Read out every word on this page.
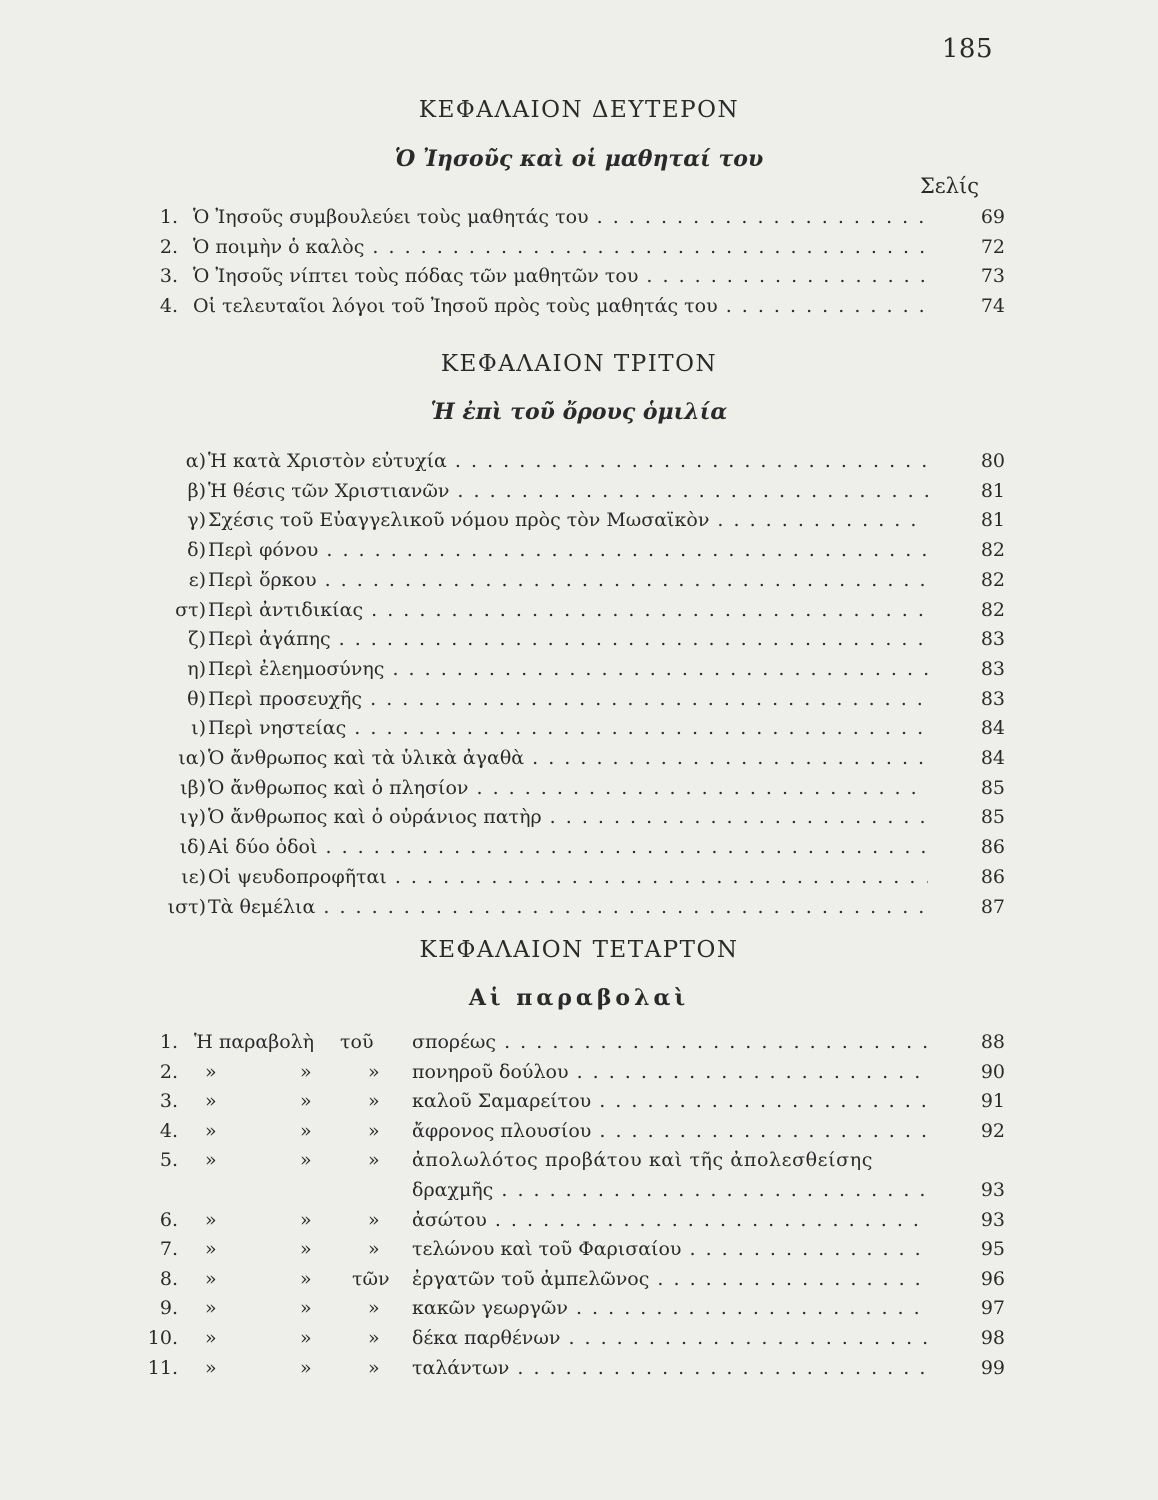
185
ΚΕΦΑΛΑΙΟΝ ΔΕΥΤΕΡΟΝ
Ὁ Ἰησοῦς καὶ οἱ μαθηταί του
Σελίς
1. Ὁ Ἰησοῦς συμβουλεύει τοὺς μαθητάς του . . .	69
2. Ὁ ποιμὴν ὁ καλὸς . . .	72
3. Ὁ Ἰησοῦς νίπτει τοὺς πόδας τῶν μαθητῶν του . . .	73
4. Οἱ τελευταῖοι λόγοι τοῦ Ἰησοῦ πρὸς τοὺς μαθητάς του . . .	74
ΚΕΦΑΛΑΙΟΝ ΤΡΙΤΟΝ
Ἡ ἐπὶ τοῦ ὄρους ὁμιλία
α) Ἡ κατὰ Χριστὸν εὐτυχία . . .	80
β) Ἡ θέσις τῶν Χριστιανῶν . . .	81
γ) Σχέσις τοῦ Εὐαγγελικοῦ νόμου πρὸς τὸν Μωσαϊκὸν . . .	81
δ) Περὶ φόνου . . .	82
ε) Περὶ ὅρκου . . .	82
στ) Περὶ ἀντιδικίας . . .	82
ζ) Περὶ ἀγάπης . . .	83
η) Περὶ ἐλεημοσύνης . . .	83
θ) Περὶ προσευχῆς . . .	83
ι) Περὶ νηστείας . . .	84
ια) Ὁ ἄνθρωπος καὶ τὰ ὑλικὰ ἀγαθὰ . . .	84
ιβ) Ὁ ἄνθρωπος καὶ ὁ πλησίον . . .	85
ιγ) Ὁ ἄνθρωπος καὶ ὁ οὐράνιος πατὴρ . . .	85
ιδ) Αἱ δύο ὁδοὶ . . .	86
ιε) Οἱ ψευδοπροφῆται . . .	86
ιστ) Τὰ θεμέλια . . .	87
ΚΕΦΑΛΑΙΟΝ ΤΕΤΑΡΤΟΝ
Αἱ παραβολαὶ
1. Ἡ παραβολὴ τοῦ σπορέως . . .	88
2. »	»	» πονηροῦ δούλου . . .	90
3. »	»	» καλοῦ Σαμαρείτου . . .	91
4. »	»	» ἄφρονος πλουσίου . . .	92
5. »	»	» ἀπολωλότος προβάτου καὶ τῆς ἀπολεσθείσης
δραχμῆς . . .	93
6. »	»	» ἀσώτου . . .	93
7. »	»	» τελώνου καὶ τοῦ Φαρισαίου . . .	95
8. »	» τῶν ἐργατῶν τοῦ ἀμπελῶνος . . .	96
9. »	»	» κακῶν γεωργῶν . . .	97
10. »	»	» δέκα παρθένων . . .	98
11. »	»	» ταλάντων . . .	99
